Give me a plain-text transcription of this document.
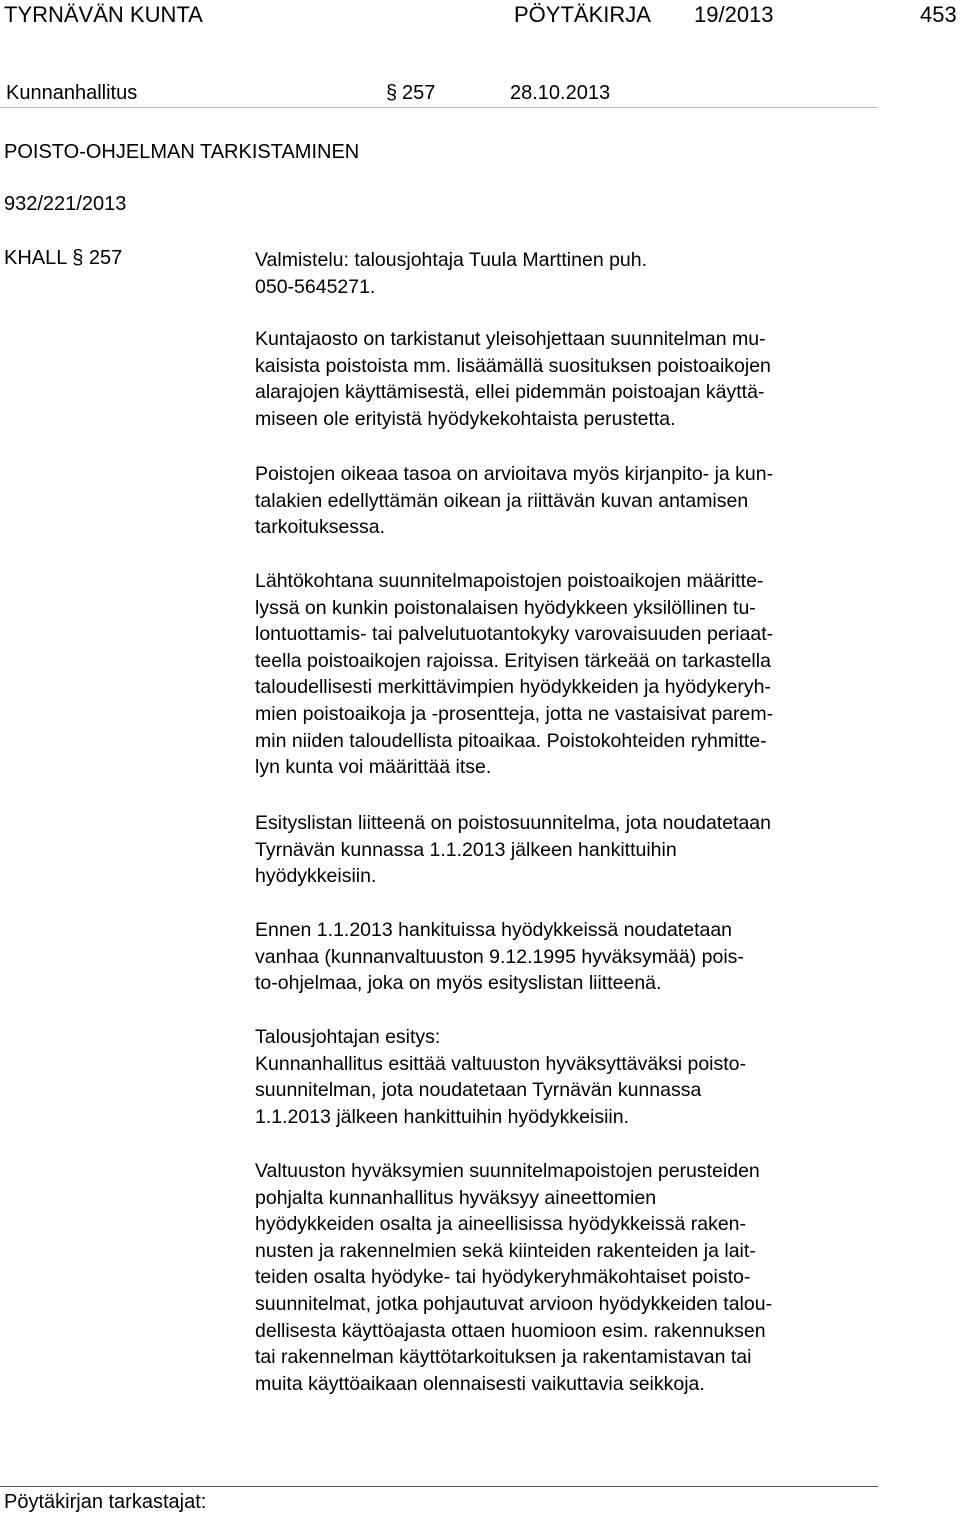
TYRNÄVÄN KUNTA	PÖYTÄKIRJA 19/2013	453
Kunnanhallitus	§ 257	28.10.2013
POISTO-OHJELMAN TARKISTAMINEN
932/221/2013
KHALL § 257	Valmistelu: talousjohtaja Tuula Marttinen puh.
050-5645271.
Kuntajaosto on tarkistanut yleisohjettaan suunnitelman mu-
kaisista poistoista mm. lisäämällä suosituksen poistoaikojen
alarajojen käyttämisestä, ellei pidemmän poistoajan käyttä-
miseen ole erityistä hyödykekohtaista perustetta.
Poistojen oikeaa tasoa on arvioitava myös kirjanpito- ja kun-
talakien edellyttämän oikean ja riittävän kuvan antamisen
tarkoituksessa.
Lähtökohtana suunnitelmapoistojen poistoaikojen määritte-
lyssä on kunkin poistonalaisen hyödykkeen yksilöllinen tu-
lontuottamis- tai palvelutuotantokyky varovaisuuden periaat-
teella poistoaikojen rajoissa. Erityisen tärkeää on tarkastella
taloudellisesti merkittävimpien hyödykkeiden ja hyödykeryh-
mien poistoaikoja ja -prosentteja, jotta ne vastaisivat parem-
min niiden taloudellista pitoaikaa. Poistokohteiden ryhmitte-
lyn kunta voi määrittää itse.
Esityslistan liitteenä on poistosuunnitelma, jota noudatetaan
Tyrnävän kunnassa 1.1.2013 jälkeen hankittuihin
hyödykkeisiin.
Ennen 1.1.2013 hankituissa hyödykkeissä noudatetaan
vanhaa (kunnanvaltuuston 9.12.1995 hyväksymää) pois-
to-ohjelmaa, joka on myös esityslistan liitteenä.
Talousjohtajan esitys:
Kunnanhallitus esittää valtuuston hyväksyttäväksi poisto-
suunnitelman, jota noudatetaan Tyrnävän kunnassa
1.1.2013 jälkeen hankittuihin hyödykkeisiin.
Valtuuston hyväksymien suunnitelmapoistojen perusteiden
pohjalta kunnanhallitus hyväksyy aineettomien
hyödykkeiden osalta ja aineellisissa hyödykkeissä raken-
nusten ja rakennelmien sekä kiinteiden rakenteiden ja lait-
teiden osalta hyödyke- tai hyödykeryhmäkohtaiset poisto-
suunnitelmat, jotka pohjautuvat arvioon hyödykkeiden talou-
dellisesta käyttöajasta ottaen huomioon esim. rakennuksen
tai rakennelman käyttötarkoituksen ja rakentamistavan tai
muita käyttöaikaan olennaisesti vaikuttavia seikkoja.
Pöytäkirjan tarkastajat:
